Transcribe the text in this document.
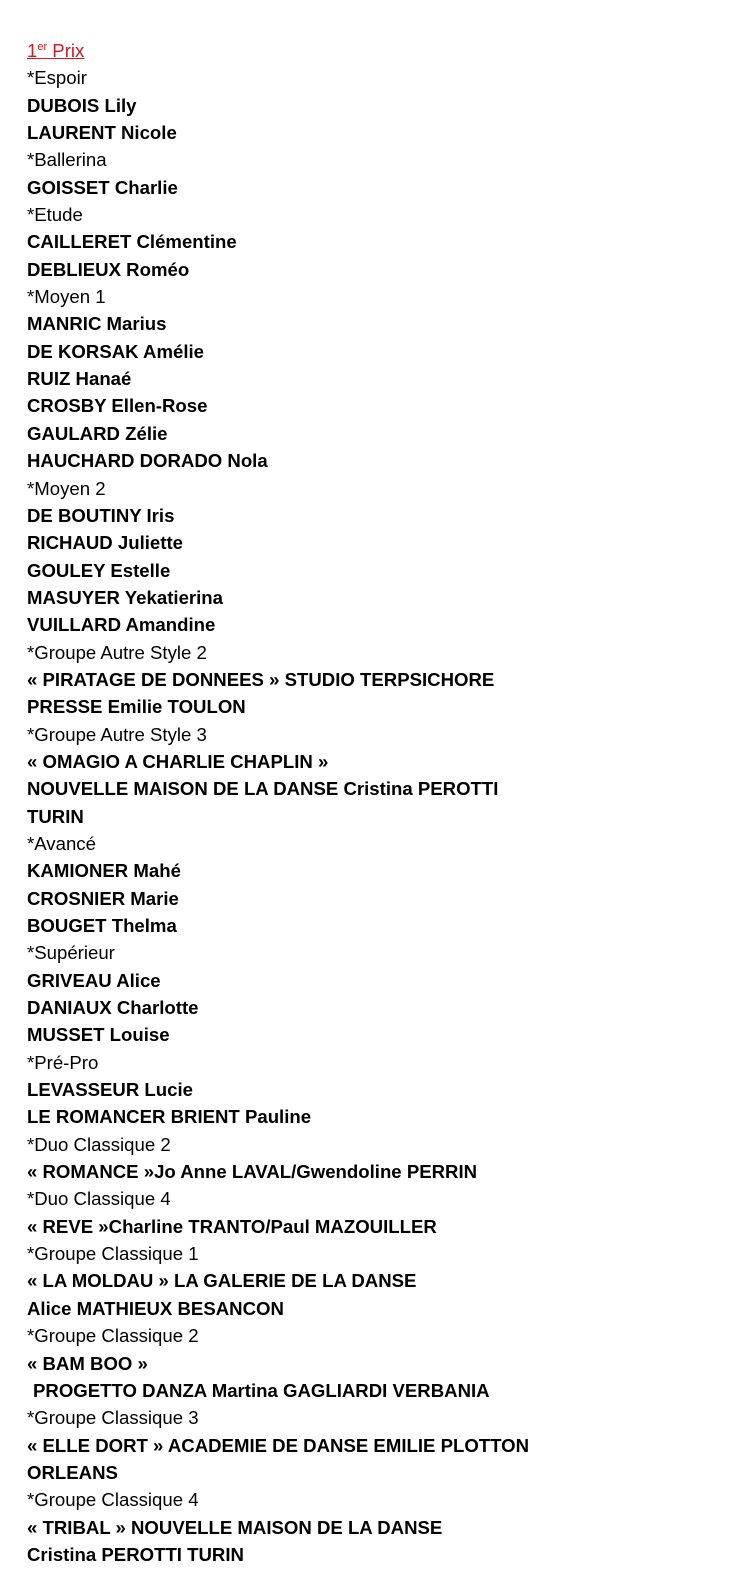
1er Prix
*Espoir
DUBOIS Lily
LAURENT Nicole
*Ballerina
GOISSET Charlie
*Etude
CAILLERET Clémentine
DEBLIEUX Roméo
*Moyen 1
MANRIC Marius
DE KORSAK Amélie
RUIZ Hanaé
CROSBY Ellen-Rose
GAULARD Zélie
HAUCHARD DORADO Nola
*Moyen 2
DE BOUTINY Iris
RICHAUD Juliette
GOULEY Estelle
MASUYER Yekatierina
VUILLARD Amandine
*Groupe Autre Style 2
« PIRATAGE DE DONNEES » STUDIO TERPSICHORE
PRESSE Emilie TOULON
*Groupe Autre Style 3
« OMAGIO A CHARLIE CHAPLIN »
NOUVELLE MAISON DE LA DANSE Cristina PEROTTI
TURIN
*Avancé
KAMIONER Mahé
CROSNIER Marie
BOUGET Thelma
*Supérieur
GRIVEAU Alice
DANIAUX Charlotte
MUSSET Louise
*Pré-Pro
LEVASSEUR Lucie
LE ROMANCER BRIENT Pauline
*Duo Classique 2
« ROMANCE »Jo Anne LAVAL/Gwendoline PERRIN
*Duo Classique 4
« REVE »Charline TRANTO/Paul MAZOUILLER
*Groupe Classique 1
« LA MOLDAU » LA GALERIE DE LA DANSE
Alice MATHIEUX BESANCON
*Groupe Classique 2
« BAM BOO »
PROGETTO DANZA Martina GAGLIARDI VERBANIA
*Groupe Classique 3
« ELLE DORT » ACADEMIE DE DANSE EMILIE PLOTTON
ORLEANS
*Groupe Classique 4
« TRIBAL » NOUVELLE MAISON DE LA DANSE
Cristina PEROTTI TURIN
